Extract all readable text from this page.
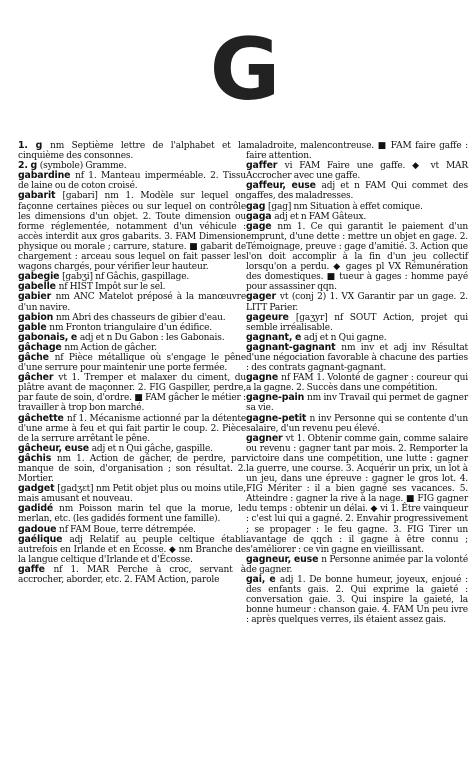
G

1. g nm Septième lettre de l'alphabet et la cinquième des consonnes.

2. g (symbole) Gramme.

gabardine nf 1. Manteau imperméable. 2. Tissu de laine ou de coton croisé.

gabarit [gabari] nm 1. Modèle sur lequel on façonne certaines pièces ou sur lequel on contrôle les dimensions d'un objet. 2. Toute dimension ou forme réglementée, notamment d'un véhicule : accès interdit aux gros gabarits. 3. FAM Dimension physique ou morale ; carrure, stature. ■ gabarit de chargement : arceau sous lequel on fait passer les wagons chargés, pour vérifier leur hauteur.

gabegie [gabʒi] nf Gâchis, gaspillage.

gabelle nf HIST Impôt sur le sel.

gabier nm ANC Matelot préposé à la manœuvre d'un navire.

gabion nm Abri des chasseurs de gibier d'eau.

gable nm Fronton triangulaire d'un édifice.

gabonais, e adj et n Du Gabon : les Gabonais.

gâchage nm Action de gâcher.

gâche nf Pièce métallique où s'engage le pêne d'une serrure pour maintenir une porte fermée.

gâcher vt 1. Tremper et malaxer du ciment, du plâtre avant de maçonner. 2. FIG Gaspiller, perdre, par faute de soin, d'ordre. ■ FAM gâcher le métier : travailler à trop bon marché.

gâchette nf 1. Mécanisme actionné par la détente d'une arme à feu et qui fait partir le coup. 2. Pièce de la serrure arrêtant le pêne.

gâcheur, euse adj et n Qui gâche, gaspille.

gâchis nm 1. Action de gâcher, de perdre, par manque de soin, d'organisation ; son résultat. 2. Mortier.

gadget [gadʒɛt] nm Petit objet plus ou moins utile, mais amusant et nouveau.

gadidé nm Poisson marin tel que la morue, le merlan, etc. (les gadidés forment une famille).

gadoue nf FAM Boue, terre détrempée.

gaélique adj Relatif au peuple celtique établi autrefois en Irlande et en Écosse. ◆ nm Branche de la langue celtique d'Irlande et d'Écosse.

gaffe nf 1. MAR Perche à croc, servant à accrocher, aborder, etc. 2. FAM Action, parole

maladroite, malencontreuse. ■ FAM faire gaffe : faire attention.

gaffer vi FAM Faire une gaffe. ◆ vt MAR Accrocher avec une gaffe.

gaffeur, euse adj et n FAM Qui commet des gaffes, des maladresses.

gag [gag] nm Situation à effet comique.

gaga adj et n FAM Gâteux.

gage nm 1. Ce qui garantit le paiement d'un emprunt, d'une dette : mettre un objet en gage. 2. Témoignage, preuve : gage d'amitié. 3. Action que l'on doit accomplir à la fin d'un jeu collectif lorsqu'on a perdu. ◆ gages pl VX Rémunération des domestiques. ■ tueur à gages : homme payé pour assassiner qqn.

gager vt (conj 2) 1. VX Garantir par un gage. 2. LITT Parier.

gageure [gaʒyr] nf SOUT Action, projet qui semble irréalisable.

gagnant, e adj et n Qui gagne.

gagnant-gagnant nm inv et adj inv Résultat d'une négociation favorable à chacune des parties : des contrats gagnant-gagnant.

gagne nf FAM 1. Volonté de gagner : coureur qui a la gagne. 2. Succès dans une compétition.

gagne-pain nm inv Travail qui permet de gagner sa vie.

gagne-petit n inv Personne qui se contente d'un salaire, d'un revenu peu élevé.

gagner vt 1. Obtenir comme gain, comme salaire ou revenu : gagner tant par mois. 2. Remporter la victoire dans une compétition, une lutte : gagner la guerre, une course. 3. Acquérir un prix, un lot à un jeu, dans une épreuve : gagner le gros lot. 4. FIG Mériter : il a bien gagné ses vacances. 5. Atteindre : gagner la rive à la nage. ■ FIG gagner du temps : obtenir un délai. ◆ vi 1. Être vainqueur : c'est lui qui a gagné. 2. Envahir progressivement ; se propager : le feu gagne. 3. FIG Tirer un avantage de qqch : il gagne à être connu ; s'améliorer : ce vin gagne en vieillissant.

gagneur, euse n Personne animée par la volonté de gagner.

gai, e adj 1. De bonne humeur, joyeux, enjoué : des enfants gais. 2. Qui exprime la gaieté : conversation gaie. 3. Qui inspire la gaieté, la bonne humeur : chanson gaie. 4. FAM Un peu ivre : après quelques verres, ils étaient assez gais.
